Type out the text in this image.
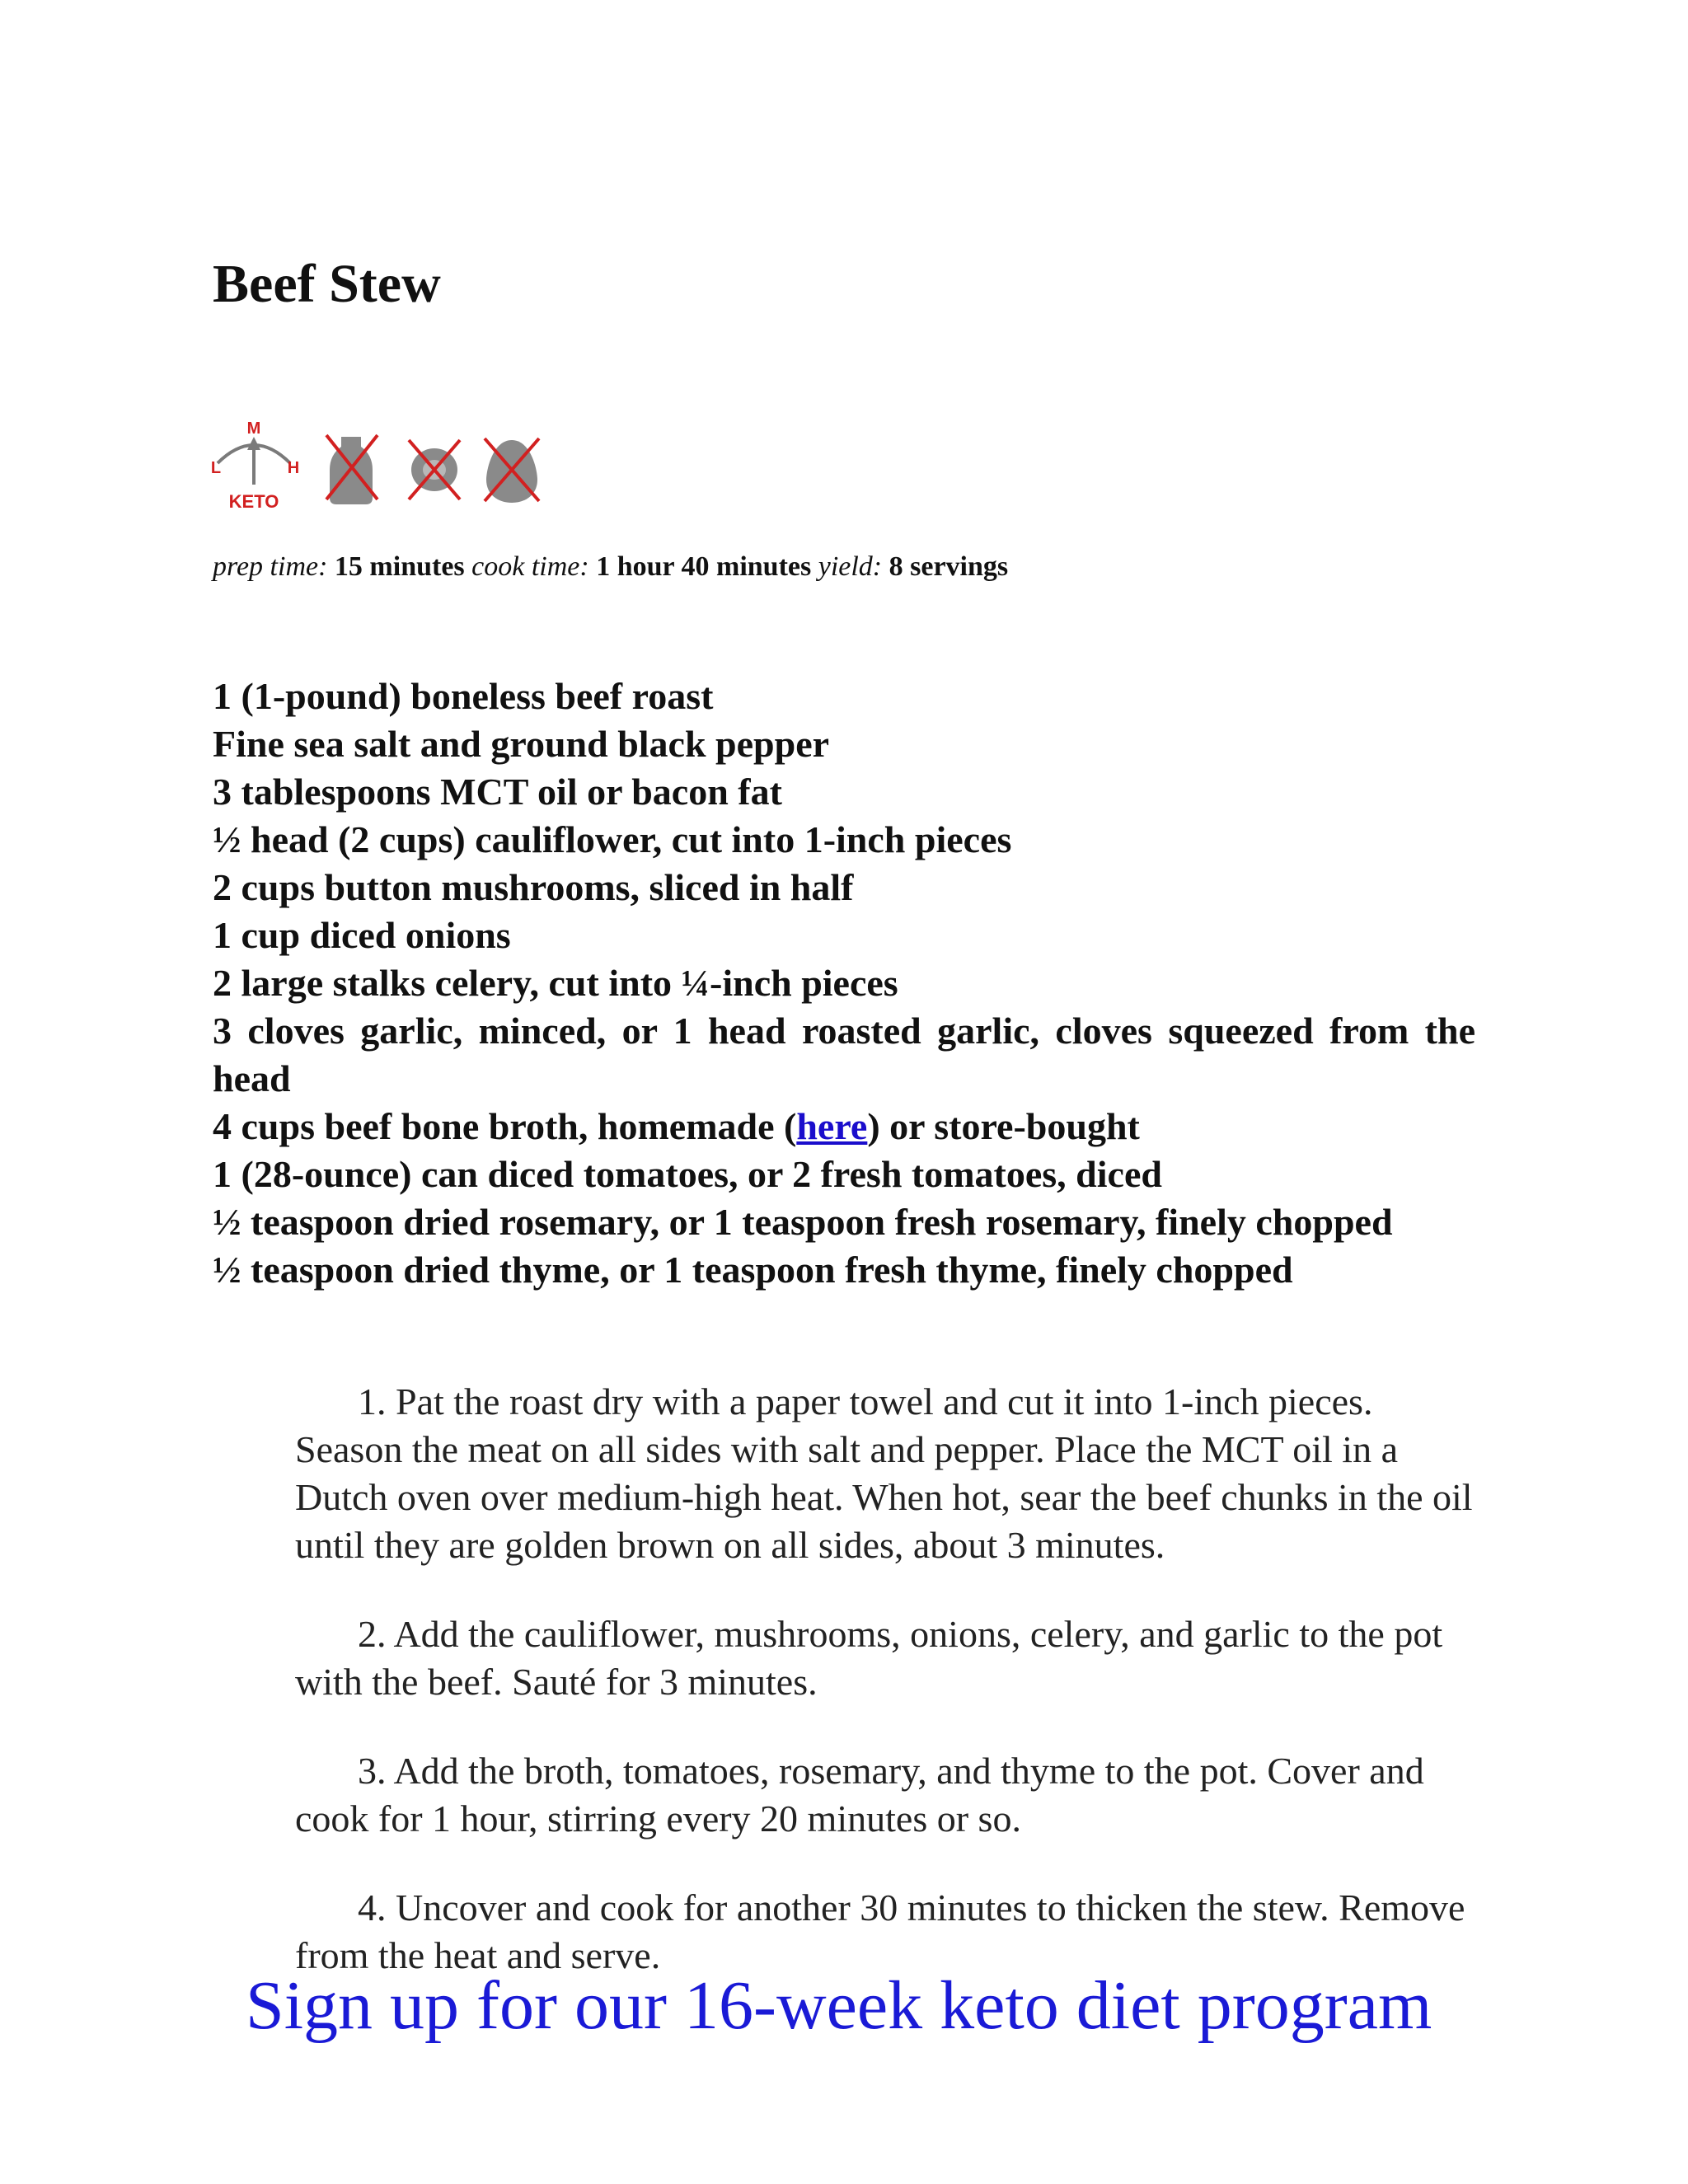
Beef Stew
M
L	H
KETO
prep time: 15 minutes cook time: 1 hour 40 minutes yield: 8 servings
1 (1-pound) boneless beef roast
Fine sea salt and ground black pepper
3 tablespoons MCT oil or bacon fat
½ head (2 cups) cauliflower, cut into 1-inch pieces
2 cups button mushrooms, sliced in half
1 cup diced onions
2 large stalks celery, cut into ¼-inch pieces
3 cloves garlic, minced, or 1 head roasted garlic, cloves squeezed from the head
4 cups beef bone broth, homemade (here) or store-bought
1 (28-ounce) can diced tomatoes, or 2 fresh tomatoes, diced
½ teaspoon dried rosemary, or 1 teaspoon fresh rosemary, finely chopped
½ teaspoon dried thyme, or 1 teaspoon fresh thyme, finely chopped

1. Pat the roast dry with a paper towel and cut it into 1-inch pieces. Season the meat on all sides with salt and pepper. Place the MCT oil in a Dutch oven over medium-high heat. When hot, sear the beef chunks in the oil until they are golden brown on all sides, about 3 minutes.

2. Add the cauliflower, mushrooms, onions, celery, and garlic to the pot with the beef. Sauté for 3 minutes.

3. Add the broth, tomatoes, rosemary, and thyme to the pot. Cover and cook for 1 hour, stirring every 20 minutes or so.

4. Uncover and cook for another 30 minutes to thicken the stew. Remove from the heat and serve.

Sign up for our 16-week keto diet program
